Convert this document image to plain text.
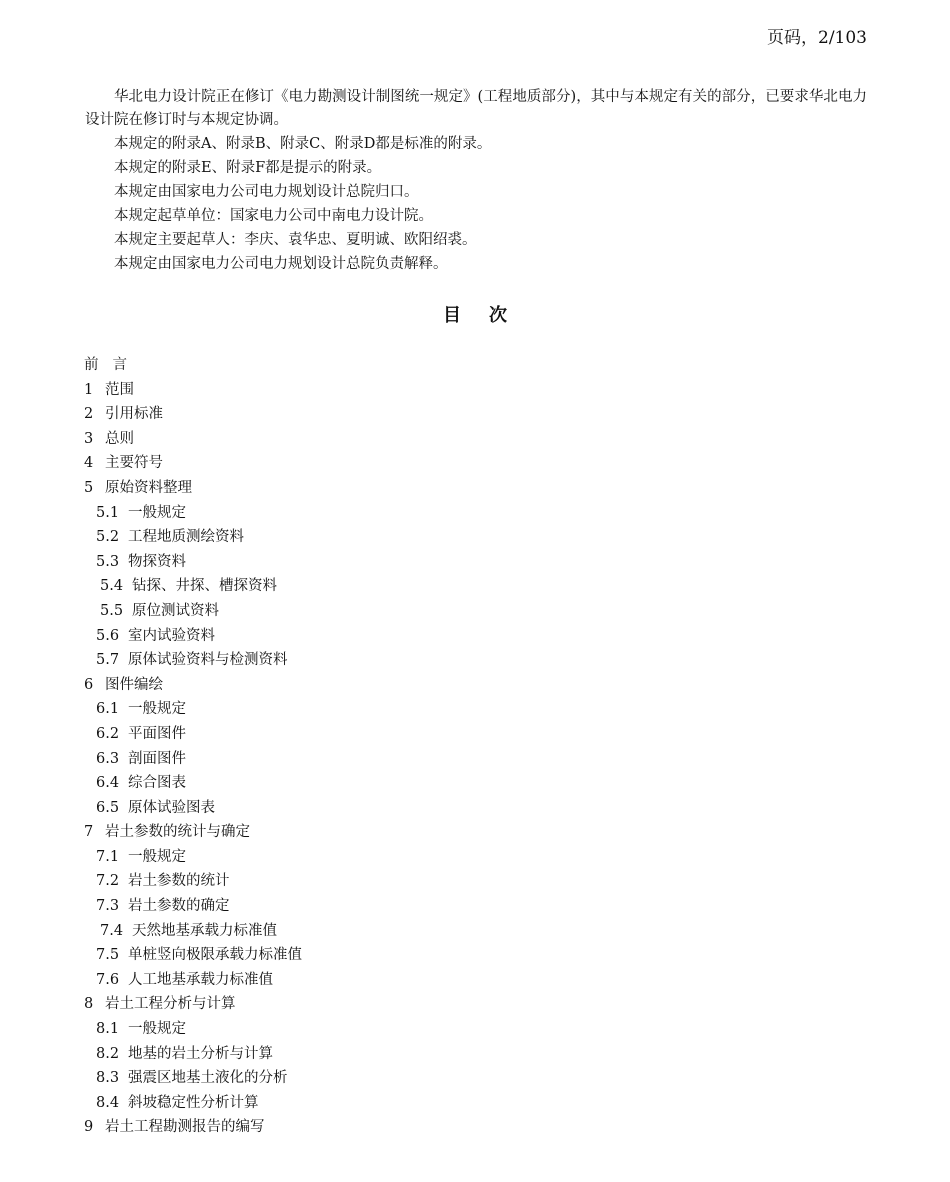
页码，2/103

华北电力设计院正在修订《电力勘测设计制图统一规定》(工程地质部分)，其中与本规定有关的部分，已要求华北电力设计院在修订时与本规定协调。

本规定的附录A、附录B、附录C、附录D都是标准的附录。

本规定的附录E、附录F都是提示的附录。

本规定由国家电力公司电力规划设计总院归口。

本规定起草单位：国家电力公司中南电力设计院。

本规定主要起草人：李庆、袁华忠、夏明诚、欧阳绍裘。

本规定由国家电力公司电力规划设计总院负责解释。

目次
前言
1 范围
2 引用标准
3 总则
4 主要符号
5 原始资料整理
5.1 一般规定
5.2 工程地质测绘资料
5.3 物探资料
5.4 钻探、井探、槽探资料
5.5 原位测试资料
5.6 室内试验资料
5.7 原体试验资料与检测资料
6 图件编绘
6.1 一般规定
6.2 平面图件
6.3 剖面图件
6.4 综合图表
6.5 原体试验图表
7 岩土参数的统计与确定
7.1 一般规定
7.2 岩土参数的统计
7.3 岩土参数的确定
7.4 天然地基承载力标准值
7.5 单桩竖向极限承载力标准值
7.6 人工地基承载力标准值
8 岩土工程分析与计算
8.1 一般规定
8.2 地基的岩土分析与计算
8.3 强震区地基土液化的分析
8.4 斜坡稳定性分析计算
9 岩土工程勘测报告的编写
